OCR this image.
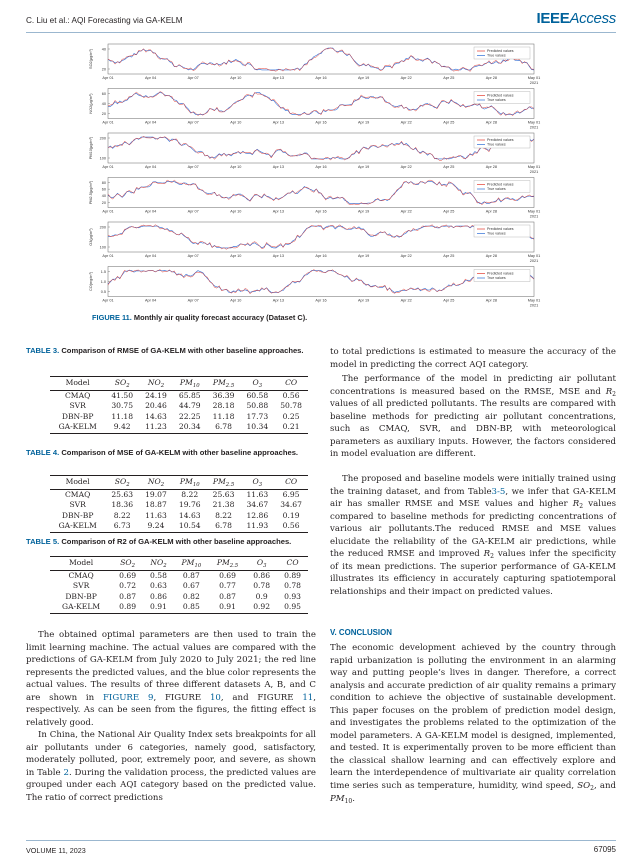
C. Liu et al.: AQI Forecasting via GA-KELM	IEEEAccess
SO2(μg/m³)
20
40
Apr 01	Apr 04	Apr 07	Apr 10	Apr 13	Apr 16	Apr 19	Apr 22	Apr 25	Apr 28	May 01
2021
Predicted values
True values
NO2(μg/m³)
20
40
60
Apr 01	Apr 04	Apr 07	Apr 10	Apr 13	Apr 16	Apr 19	Apr 22	Apr 25	Apr 28	May 01
2021
Predicted values
True values
PM10(μg/m³) 100
200
Apr 01	Apr 04	Apr 07	Apr 10	Apr 13	Apr 16	Apr 19	Apr 22	Apr 25	Apr 28	May 01
2021
Predicted values
True values
PM2.5(μg/m³) 20
40
60
80
Apr 01	Apr 04	Apr 07	Apr 10	Apr 13	Apr 16	Apr 19	Apr 22	Apr 25	Apr 28	May 01
2021
Predicted values
True values
O3(μg/m³)
100
200
Apr 01	Apr 04	Apr 07	Apr 10	Apr 13	Apr 16	Apr 19	Apr 22	Apr 25	Apr 28	May 01
2021
Predicted values
True values
CO(mg/m³)
0.5
1.0
1.5
Apr 01	Apr 04	Apr 07	Apr 10	Apr 13	Apr 16	Apr 19	Apr 22	Apr 25	Apr 28	May 01
2021
Predicted values
True values
FIGURE 11. Monthly air quality forecast accuracy (Dataset C).
TABLE 3. Comparison of RMSE of GA-KELM with other baseline approaches.
Model	$SO_2$	$NO_2$	$PM_{10}$	$PM_{2.5}$	$O_3$	CO
CMAQ	41.50	24.19	65.85	36.39	60.58	0.56
SVR	30.75	20.46	44.79	28.18	50.88	50.78
DBN-BP	11.18	14.63	22.25	11.18	17.73	0.25
GA-KELM	9.42	11.23	20.34	6.78	10.34	0.21
TABLE 4. Comparison of MSE of GA-KELM with other baseline approaches.
Model	$SO_2$	$NO_2$	$PM_{10}$	$PM_{2.5}$	$O_3$	CO
CMAQ	25.63	19.07	8.22	25.63	11.63	6.95
SVR	18.36	18.87	19.76	21.38	34.67	34.67
DBN-BP	8.22	11.63	14.63	8.22	12.86	0.19
GA-KELM	6.73	9.24	10.54	6.78	11.93	0.56
TABLE 5. Comparison of R2 of GA-KELM with other baseline approaches.
Model	$SO_2$	$NO_2$	$PM_{10}$	$PM_{2.5}$	$O_3$	CO
CMAQ	0.69	0.58	0.87	0.69	0.86	0.89
SVR	0.72	0.63	0.67	0.77	0.78	0.78
DBN-BP	0.87	0.86	0.82	0.87	0.9	0.93
GA-KELM	0.89	0.91	0.85	0.91	0.92	0.95
The obtained optimal parameters are then used to train the limit learning machine. The actual values are compared with the predictions of GA-KELM from July 2020 to July 2021; the red line represents the predicted values, and the blue color represents the actual values. The results of three different datasets A, B, and C are shown in FIGURE 9, FIGURE 10, and FIGURE 11, respectively. As can be seen from the figures, the fitting effect is relatively good.
In China, the National Air Quality Index sets breakpoints for all air pollutants under 6 categories, namely good, satisfactory, moderately polluted, poor, extremely poor, and severe, as shown in Table 2. During the validation process, the predicted values are grouped under each AQI category based on the predicted value. The ratio of correct predictions
to total predictions is estimated to measure the accuracy of the model in predicting the correct AQI category.
The performance of the model in predicting air pollutant concentrations is measured based on the RMSE, MSE and $R_2$ values of all predicted pollutants. The results are compared with baseline methods for predicting air pollutant concentrations, such as CMAQ, SVR, and DBN-BP, with meteorological parameters as auxiliary inputs. However, the factors considered in model evaluation are different.
The proposed and baseline models were initially trained using the training dataset, and from Table3-5, we infer that GA-KELM air has smaller RMSE and MSE values and higher $R_2$ values compared to baseline methods for predicting concentrations of various air pollutants.The reduced RMSE and MSE values elucidate the reliability of the GA-KELM air predictions, while the reduced RMSE and improved $R_2$ values infer the specificity of its mean predictions. The superior performance of GA-KELM illustrates its efficiency in accurately capturing spatiotemporal relationships and their impact on predicted values.
V. CONCLUSION
The economic development achieved by the country through rapid urbanization is polluting the environment in an alarming way and putting people’s lives in danger. Therefore, a correct analysis and accurate prediction of air quality remains a primary condition to achieve the objective of sustainable development. This paper focuses on the problem of prediction model design, and investigates the problems related to the optimization of the model parameters. A GA-KELM model is designed, implemented, and tested. It is experimentally proven to be more efficient than the classical shallow learning and can effectively explore and learn the interdependence of multivariate air quality correlation time series such as temperature, humidity, wind speed, $SO_2$, and $PM_{10}$.
VOLUME 11, 2023	67095
